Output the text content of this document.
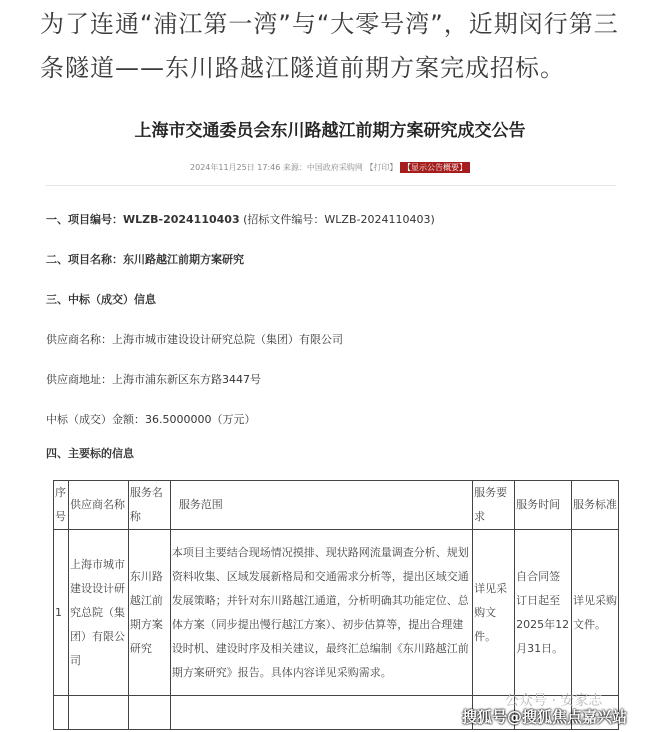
为了连通“浦江第一湾”与“大零号湾”，近期闵行第三条隧道——东川路越江隧道前期方案完成招标。
上海市交通委员会东川路越江前期方案研究成交公告
2024年11月25日 17:46 来源：中国政府采购网 【打印】 【显示公告概要】
一、项目编号：WLZB-2024110403 (招标文件编号：WLZB-2024110403)
二、项目名称：东川路越江前期方案研究
三、中标（成交）信息
供应商名称：上海市城市建设设计研究总院（集团）有限公司
供应商地址：上海市浦东新区东方路3447号
中标（成交）金额：36.5000000（万元）
四、主要标的信息
序号	供应商名称	服务名称	服务范围	服务要求	服务时间	服务标准
1	上海市城市建设设计研究总院（集团）有限公司	东川路越江前期方案研究	本项目主要结合现场情况摸排、现状路网流量调查分析、规划资料收集、区域发展新格局和交通需求分析等，提出区域交通发展策略；并针对东川路越江通道，分析明确其功能定位、总体方案（同步提出慢行越江方案）、初步估算等，提出合理建设时机、建设时序及相关建议，最终汇总编制《东川路越江前期方案研究》报告。具体内容详见采购需求。	详见采购文件。	自合同签订日起至2025年12月31日。	详见采购文件。

公众号 · 安家志
搜狐号@搜狐焦点嘉兴站
